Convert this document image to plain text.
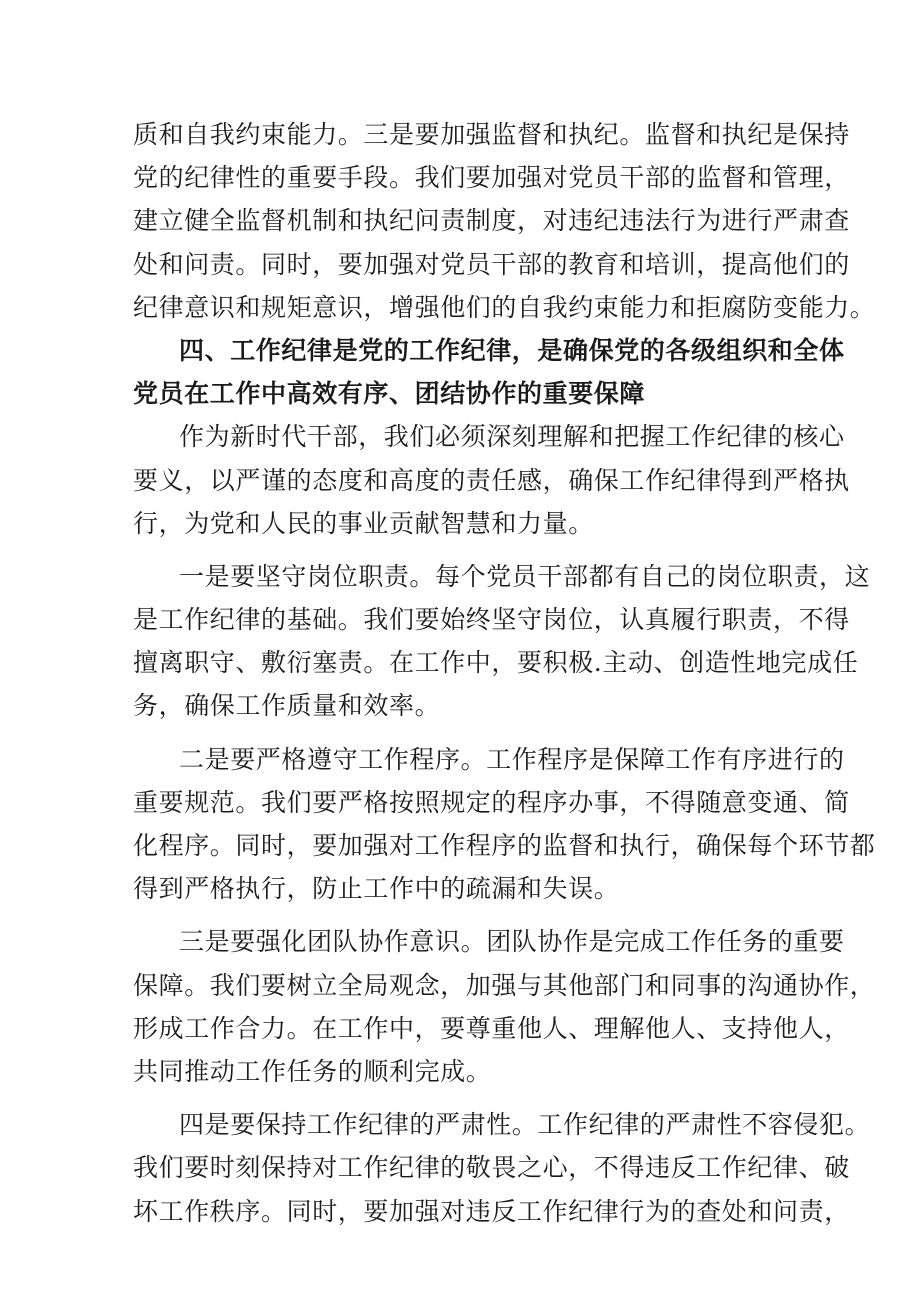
质和自我约束能力。三是要加强监督和执纪。监督和执纪是保持
党的纪律性的重要手段。我们要加强对党员干部的监督和管理，
建立健全监督机制和执纪问责制度，对违纪违法行为进行严肃查
处和问责。同时，要加强对党员干部的教育和培训，提高他们的
纪律意识和规矩意识，增强他们的自我约束能力和拒腐防变能力。
四、工作纪律是党的工作纪律，是确保党的各级组织和全体
党员在工作中高效有序、团结协作的重要保障
作为新时代干部，我们必须深刻理解和把握工作纪律的核心
要义，以严谨的态度和高度的责任感，确保工作纪律得到严格执
行，为党和人民的事业贡献智慧和力量。
一是要坚守岗位职责。每个党员干部都有自己的岗位职责，这
是工作纪律的基础。我们要始终坚守岗位，认真履行职责，不得
擅离职守、敷衍塞责。在工作中，要积极.主动、创造性地完成任
务，确保工作质量和效率。
二是要严格遵守工作程序。工作程序是保障工作有序进行的
重要规范。我们要严格按照规定的程序办事，不得随意变通、简
化程序。同时，要加强对工作程序的监督和执行，确保每个环节都
得到严格执行，防止工作中的疏漏和失误。
三是要强化团队协作意识。团队协作是完成工作任务的重要
保障。我们要树立全局观念，加强与其他部门和同事的沟通协作，
形成工作合力。在工作中，要尊重他人、理解他人、支持他人，
共同推动工作任务的顺利完成。
四是要保持工作纪律的严肃性。工作纪律的严肃性不容侵犯。
我们要时刻保持对工作纪律的敬畏之心，不得违反工作纪律、破
坏工作秩序。同时，要加强对违反工作纪律行为的查处和问责，
